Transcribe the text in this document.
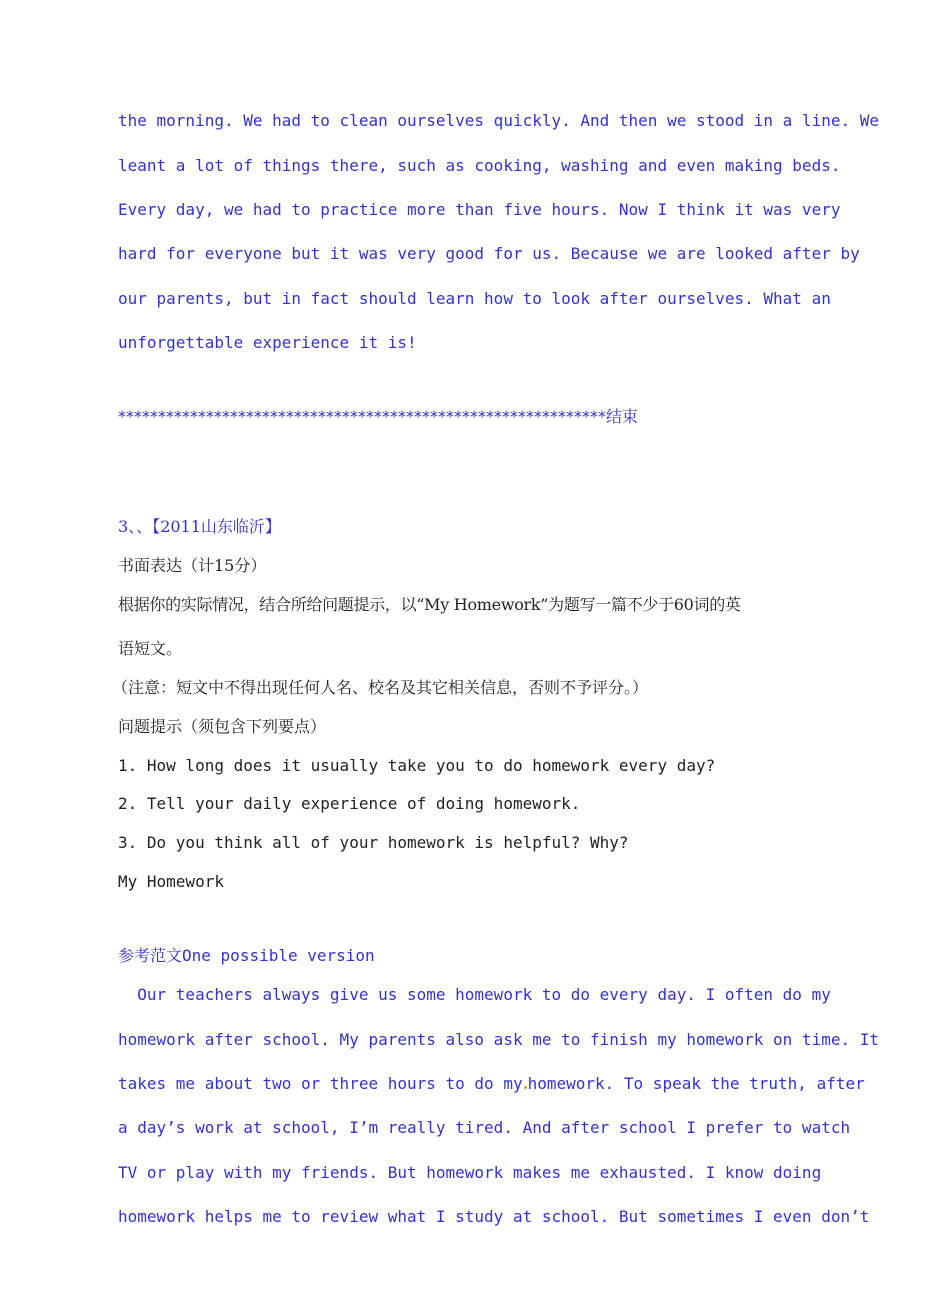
the morning. We had to clean ourselves quickly. And then we stood in a line. We
leant a lot of things there, such as cooking, washing and even making beds.
Every day, we had to practice more than five hours. Now I think it was very
hard for everyone but it was very good for us. Because we are looked after by
our parents, but in fact should learn how to look after ourselves. What an
unforgettable experience it is!
*************************************************************结束
3、、【2011山东临沂】
书面表达（计15分）
根据你的实际情况，结合所给问题提示，以“My Homework”为题写一篇不少于60词的英
语短文。
（注意：短文中不得出现任何人名、校名及其它相关信息，否则不予评分。）
问题提示（须包含下列要点）
1. How long does it usually take you to do homework every day?
2. Tell your daily experience of doing homework.
3. Do you think all of your homework is helpful? Why?
My Homework
参考范文One possible version
Our teachers always give us some homework to do every day. I often do my
homework after school. My parents also ask me to finish my homework on time. It
takes me about two or three hours to do my homework. To speak the truth, after
a day’s work at school, I’m really tired. And after school I prefer to watch
TV or play with my friends. But homework makes me exhausted. I know doing
homework helps me to review what I study at school. But sometimes I even don’t
